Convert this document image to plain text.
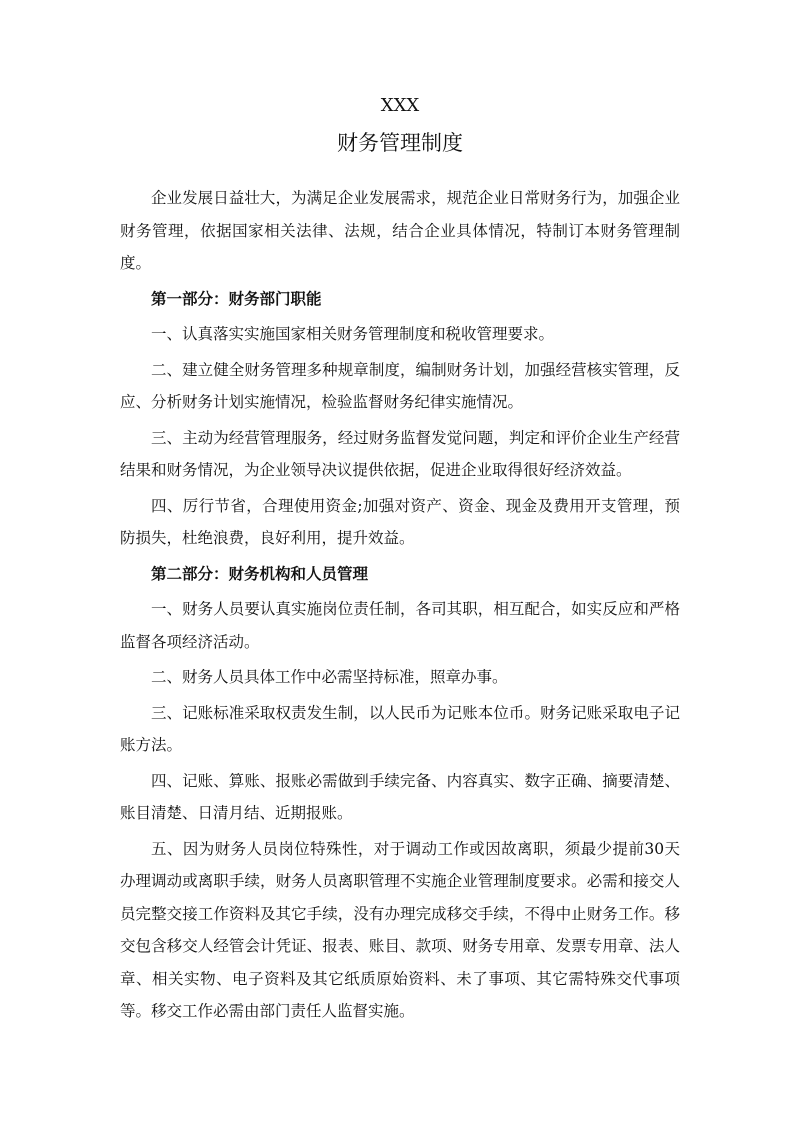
XXX
财务管理制度

企业发展日益壮大，为满足企业发展需求，规范企业日常财务行为，加强企业财务管理，依据国家相关法律、法规，结合企业具体情况，特制订本财务管理制度。

第一部分：财务部门职能

一、认真落实实施国家相关财务管理制度和税收管理要求。

二、建立健全财务管理多种规章制度，编制财务计划，加强经营核实管理，反应、分析财务计划实施情况，检验监督财务纪律实施情况。

三、主动为经营管理服务，经过财务监督发觉问题，判定和评价企业生产经营结果和财务情况，为企业领导决议提供依据，促进企业取得很好经济效益。

四、厉行节省，合理使用资金;加强对资产、资金、现金及费用开支管理，预防损失，杜绝浪费，良好利用，提升效益。

第二部分：财务机构和人员管理

一、财务人员要认真实施岗位责任制，各司其职，相互配合，如实反应和严格监督各项经济活动。

二、财务人员具体工作中必需坚持标准，照章办事。

三、记账标准采取权责发生制，以人民币为记账本位币。财务记账采取电子记账方法。

四、记账、算账、报账必需做到手续完备、内容真实、数字正确、摘要清楚、账目清楚、日清月结、近期报账。

五、因为财务人员岗位特殊性，对于调动工作或因故离职，须最少提前30天办理调动或离职手续，财务人员离职管理不实施企业管理制度要求。必需和接交人员完整交接工作资料及其它手续，没有办理完成移交手续，不得中止财务工作。移交包含移交人经管会计凭证、报表、账目、款项、财务专用章、发票专用章、法人章、相关实物、电子资料及其它纸质原始资料、未了事项、其它需特殊交代事项等。移交工作必需由部门责任人监督实施。
